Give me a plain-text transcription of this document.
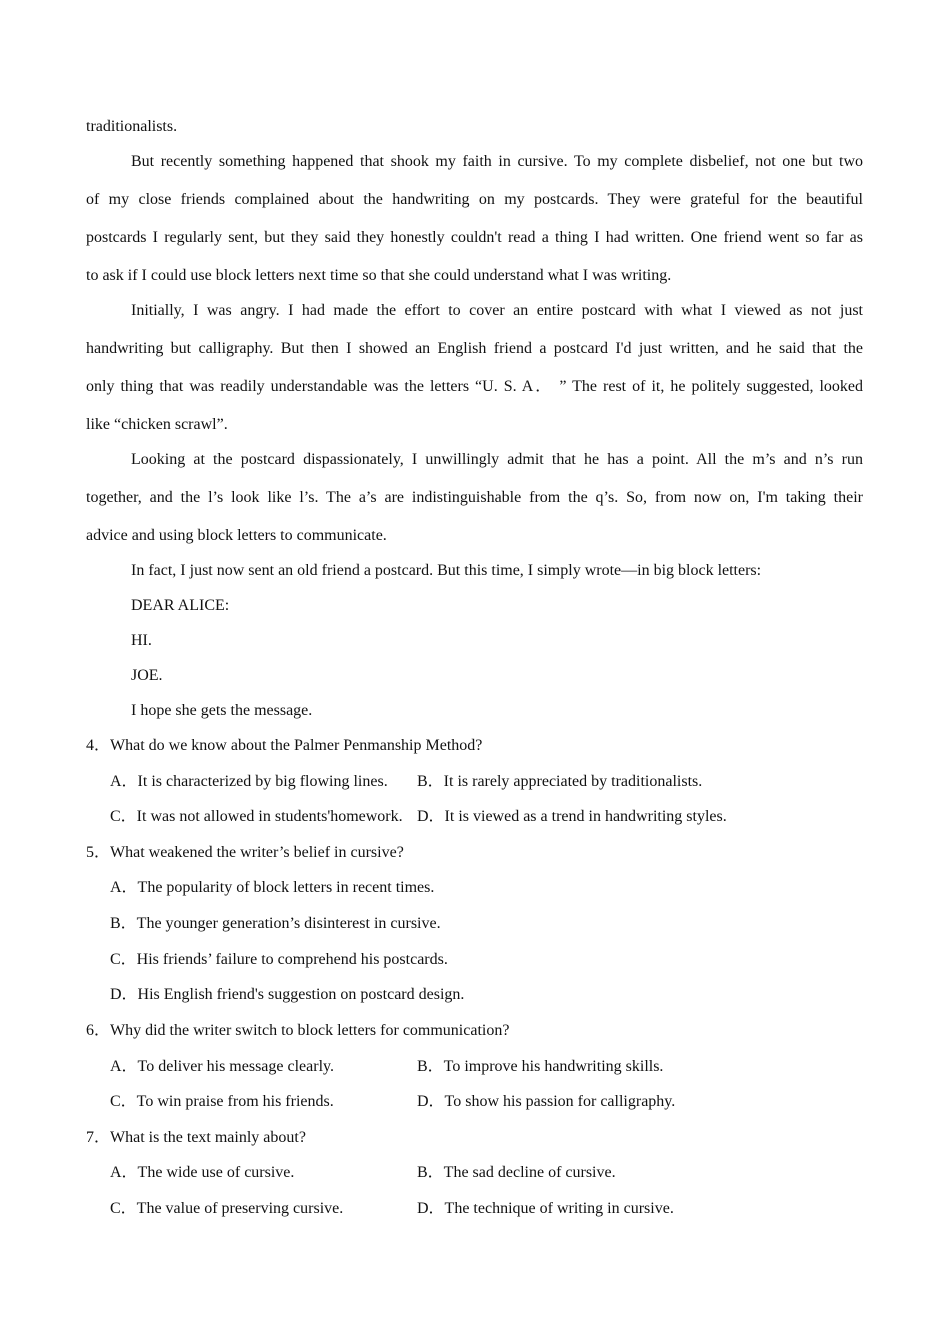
traditionalists.
But recently something happened that shook my faith in cursive. To my complete disbelief, not one but two
of my close friends complained about the handwriting on my postcards. They were grateful for the beautiful
postcards I regularly sent, but they said they honestly couldn't read a thing I had written. One friend went so far as
to ask if I could use block letters next time so that she could understand what I was writing.
Initially, I was angry. I had made the effort to cover an entire postcard with what I viewed as not just
handwriting but calligraphy. But then I showed an English friend a postcard I'd just written, and he said that the
only thing that was readily understandable was the letters “U. S. A． ” The rest of it, he politely suggested, looked
like “chicken scrawl”.
Looking at the postcard dispassionately, I unwillingly admit that he has a point. All the m’s and n’s run
together, and the l’s look like l’s. The a’s are indistinguishable from the q’s. So, from now on, I'm taking their
advice and using block letters to communicate.
In fact, I just now sent an old friend a postcard. But this time, I simply wrote—in big block letters:
DEAR ALICE:
HI.
JOE.
I hope she gets the message.
4．What do we know about the Palmer Penmanship Method?
A．It is characterized by big flowing lines. B．It is rarely appreciated by traditionalists.
C．It was not allowed in students'homework. D．It is viewed as a trend in handwriting styles.
5．What weakened the writer’s belief in cursive?
A．The popularity of block letters in recent times.
B．The younger generation’s disinterest in cursive.
C．His friends’ failure to comprehend his postcards.
D．His English friend's suggestion on postcard design.
6．Why did the writer switch to block letters for communication?
A．To deliver his message clearly.	B．To improve his handwriting skills.
C．To win praise from his friends.	D．To show his passion for calligraphy.
7．What is the text mainly about?
A．The wide use of cursive.	B．The sad decline of cursive.
C．The value of preserving cursive.	D．The technique of writing in cursive.
